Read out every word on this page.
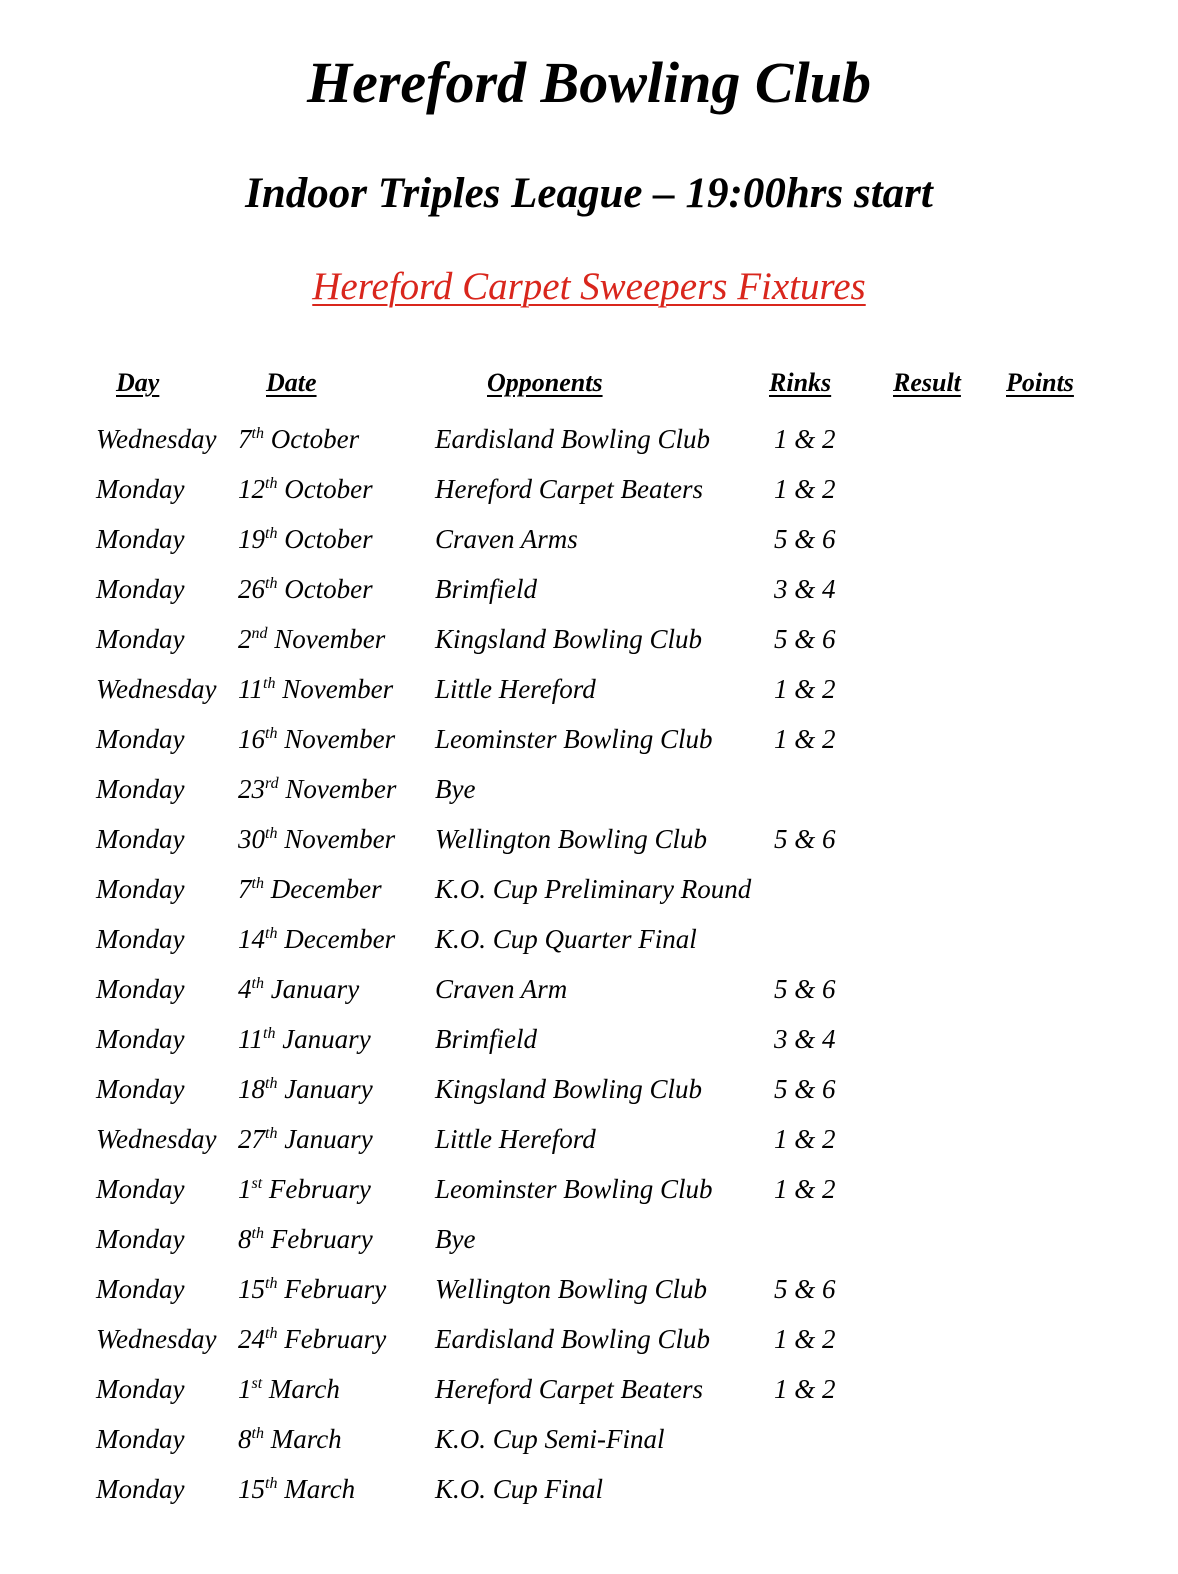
Hereford Bowling Club
Indoor Triples League – 19:00hrs start
Hereford Carpet Sweepers Fixtures
Day	Date	Opponents	Rinks Result Points
Wednesday 7th October	Eardisland Bowling Club 1 & 2
Monday 12th October Hereford Carpet Beaters	1 & 2
Monday 19th October Craven Arms	5 & 6
Monday 26th October Brimfield	3 & 4
Monday 2nd November Kingsland Bowling Club	5 & 6
Wednesday 11th November Little Hereford	1 & 2
Monday 16th November Leominster Bowling Club 1 & 2
Monday 23rd November Bye
Monday 30th November Wellington Bowling Club 5 & 6
Monday 7th December K.O. Cup Preliminary Round
Monday 14th December K.O. Cup Quarter Final
Monday 4th January	Craven Arm	5 & 6
Monday 11th January Brimfield	3 & 4
Monday 18th January Kingsland Bowling Club	5 & 6
Wednesday 27th January Little Hereford	1 & 2
Monday 1st February Leominster Bowling Club 1 & 2
Monday 8th February Bye
Monday 15th February Wellington Bowling Club 5 & 6
Wednesday 24th February Eardisland Bowling Club 1 & 2
Monday 1st March	Hereford Carpet Beaters	1 & 2
Monday 8th March	K.O. Cup Semi-Final
Monday 15th March	K.O. Cup Final
